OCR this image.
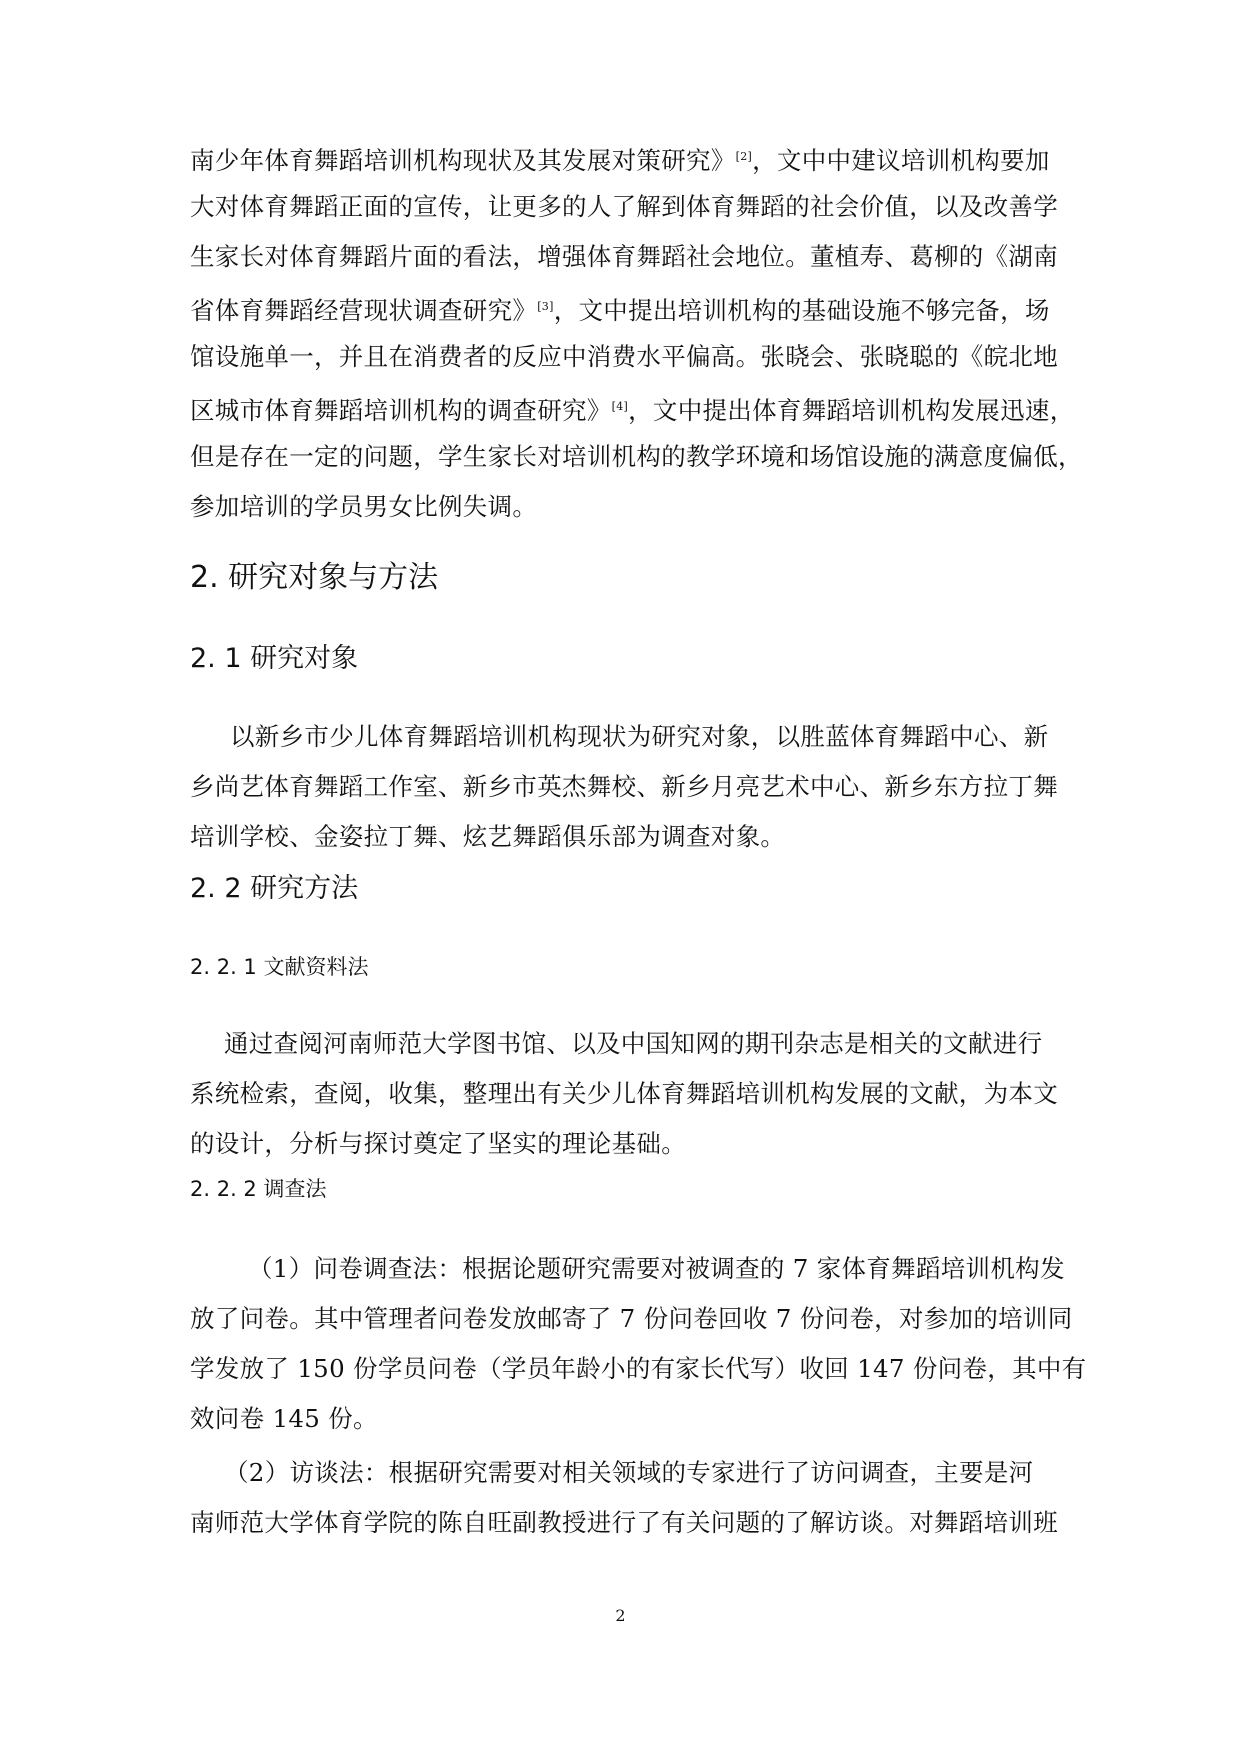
南少年体育舞蹈培训机构现状及其发展对策研究》[2]，文中中建议培训机构要加
大对体育舞蹈正面的宣传，让更多的人了解到体育舞蹈的社会价值，以及改善学
生家长对体育舞蹈片面的看法，增强体育舞蹈社会地位。董植寿、葛柳的《湖南
省体育舞蹈经营现状调查研究》[3]，文中提出培训机构的基础设施不够完备，场
馆设施单一，并且在消费者的反应中消费水平偏高。张晓会、张晓聪的《皖北地
区城市体育舞蹈培训机构的调查研究》[4]，文中提出体育舞蹈培训机构发展迅速，
但是存在一定的问题，学生家长对培训机构的教学环境和场馆设施的满意度偏低，
参加培训的学员男女比例失调。
2. 研究对象与方法
2. 1 研究对象
以新乡市少儿体育舞蹈培训机构现状为研究对象，以胜蓝体育舞蹈中心、新
乡尚艺体育舞蹈工作室、新乡市英杰舞校、新乡月亮艺术中心、新乡东方拉丁舞
培训学校、金姿拉丁舞、炫艺舞蹈俱乐部为调查对象。
2. 2 研究方法
2. 2. 1 文献资料法
通过查阅河南师范大学图书馆、以及中国知网的期刊杂志是相关的文献进行
系统检索，查阅，收集，整理出有关少儿体育舞蹈培训机构发展的文献，为本文
的设计，分析与探讨奠定了坚实的理论基础。
2. 2. 2 调查法
（1）问卷调查法：根据论题研究需要对被调查的 7 家体育舞蹈培训机构发
放了问卷。其中管理者问卷发放邮寄了 7 份问卷回收 7 份问卷，对参加的培训同
学发放了 150 份学员问卷（学员年龄小的有家长代写）收回 147 份问卷，其中有
效问卷 145 份。
（2）访谈法：根据研究需要对相关领域的专家进行了访问调查，主要是河
南师范大学体育学院的陈自旺副教授进行了有关问题的了解访谈。对舞蹈培训班
2
